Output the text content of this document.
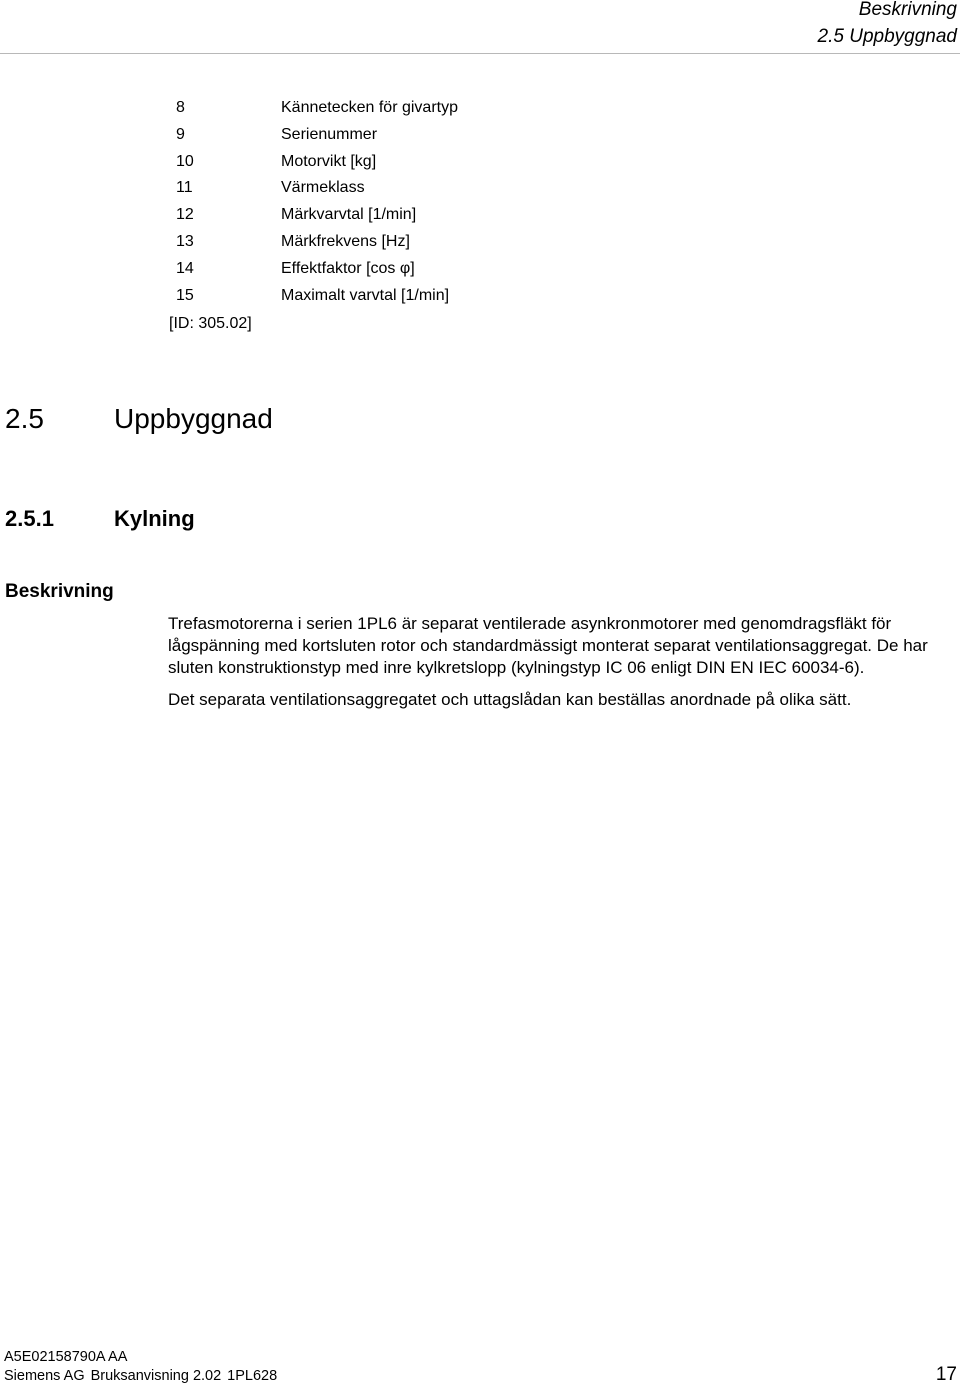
Beskrivning
2.5 Uppbyggnad
8	Kännetecken för givartyp
9	Serienummer
10	Motorvikt [kg]
11	Värmeklass
12	Märkvarvtal [1/min]
13	Märkfrekvens [Hz]
14	Effektfaktor [cos φ]
15	Maximalt varvtal [1/min]
[ID: 305.02]
2.5	Uppbyggnad
2.5.1	Kylning
Beskrivning

Trefasmotorerna i serien 1PL6 är separat ventilerade asynkronmotorer med genomdragsfläkt för lågspänning med kortsluten rotor och standardmässigt monterat separat ventilationsaggregat. De har sluten konstruktionstyp med inre kylkretslopp (kylningstyp IC 06 enligt DIN EN IEC 60034-6).

Det separata ventilationsaggregatet och uttagslådan kan beställas anordnade på olika sätt.

A5E02158790A AA
Siemens AG Bruksanvisning 2.02 1PL628	17
